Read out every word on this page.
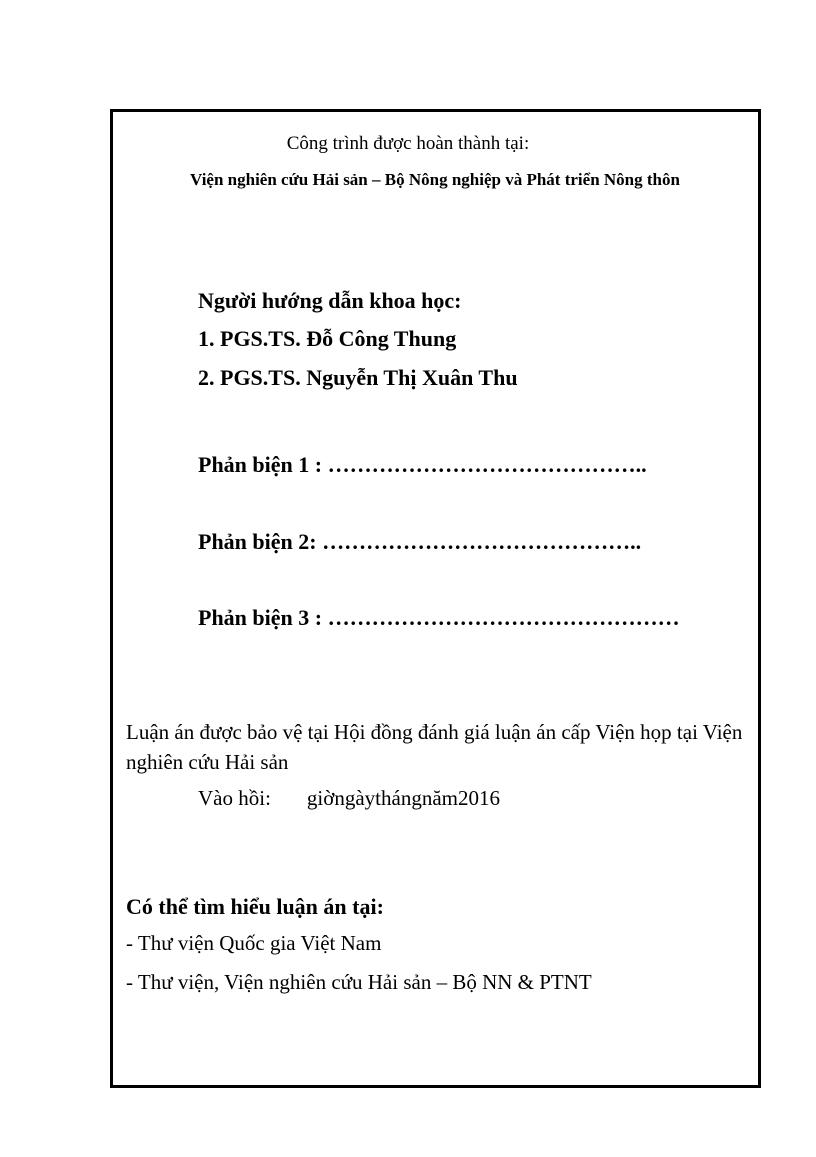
Công trình được hoàn thành tại:

Viện nghiên cứu Hải sản – Bộ Nông nghiệp và Phát triển Nông thôn

Người hướng dẫn khoa học:

1. PGS.TS. Đỗ Công Thung

2. PGS.TS. Nguyễn Thị Xuân Thu

Phản biện 1 : ……………………………………..

Phản biện 2: ……………………………………..

Phản biện 3 : …………………………………………

Luận án được bảo vệ tại Hội đồng đánh giá luận án cấp Viện họp tại Viện nghiên cứu Hải sản

Vào hồi: giờngàythángnăm2016

Có thể tìm hiểu luận án tại:

- Thư viện Quốc gia Việt Nam

- Thư viện, Viện nghiên cứu Hải sản – Bộ NN & PTNT
